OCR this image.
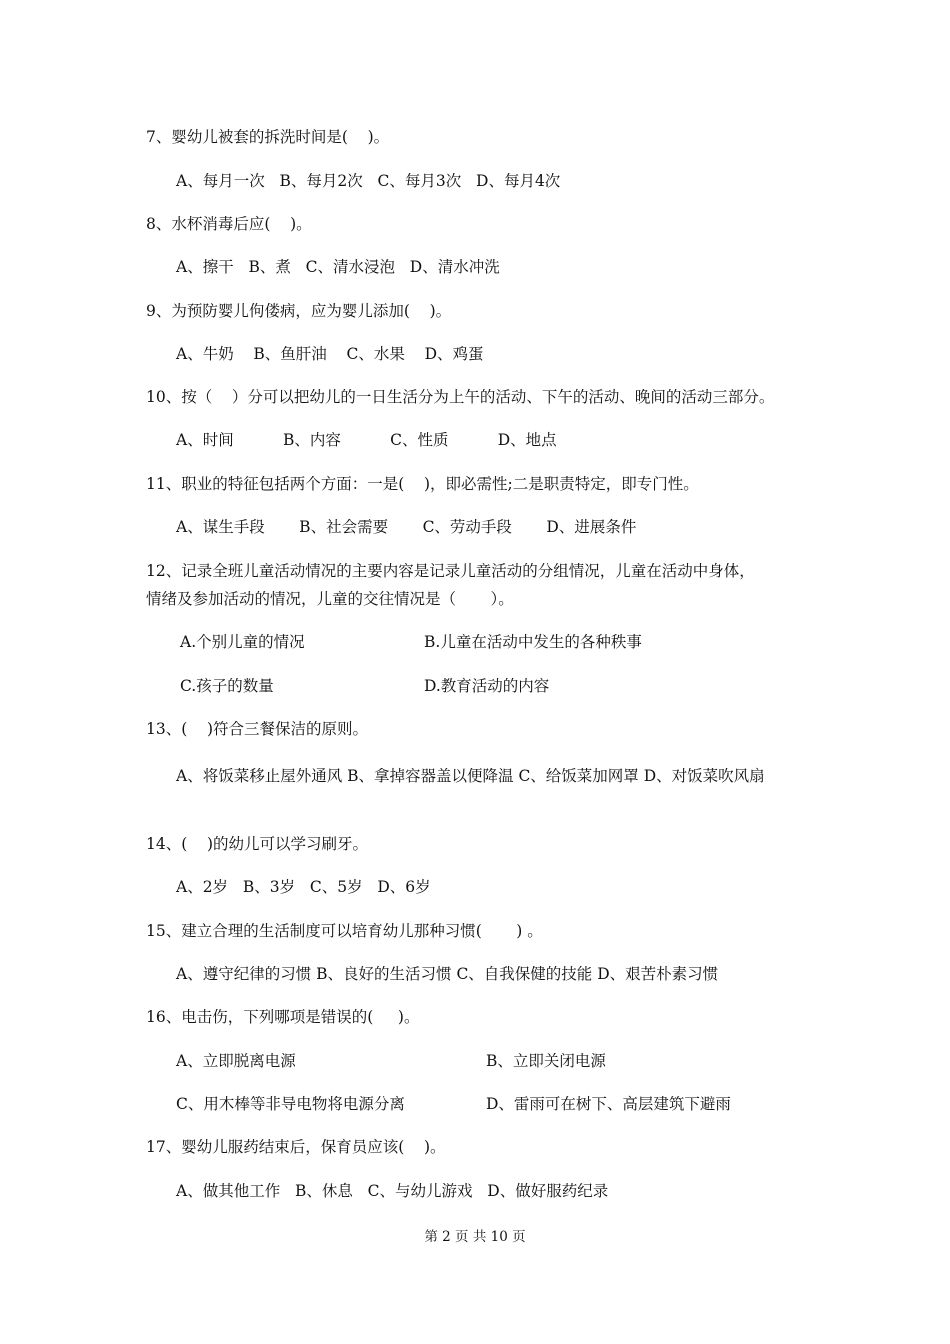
7、婴幼儿被套的拆洗时间是(    )。
A、每月一次   B、每月2次   C、每月3次   D、每月4次
8、水杯消毒后应(    )。
A、擦干   B、煮   C、清水浸泡   D、清水冲洗
9、为预防婴儿佝偻病，应为婴儿添加(    )。
A、牛奶    B、鱼肝油    C、水果    D、鸡蛋
10、按（    ）分可以把幼儿的一日生活分为上午的活动、下午的活动、晚间的活动三部分。
A、时间          B、内容          C、性质          D、地点
11、职业的特征包括两个方面：一是(    )，即必需性;二是职责特定，即专门性。
A、谋生手段       B、社会需要       C、劳动手段       D、进展条件
12、记录全班儿童活动情况的主要内容是记录儿童活动的分组情况，儿童在活动中身体，
情绪及参加活动的情况，儿童的交往情况是（       ）。
A.个别儿童的情况	B.儿童在活动中发生的各种秩事
C.孩子的数量	D.教育活动的内容
13、(    )符合三餐保洁的原则。
A、将饭菜移止屋外通风 B、拿掉容器盖以便降温 C、给饭菜加网罩 D、对饭菜吹风扇
14、(    )的幼儿可以学习刷牙。
A、2岁   B、3岁   C、5岁   D、6岁
15、建立合理的生活制度可以培育幼儿那种习惯(       ) 。
A、遵守纪律的习惯 B、良好的生活习惯 C、自我保健的技能 D、艰苦朴素习惯
16、电击伤，下列哪项是错误的(     )。
A、立即脱离电源	B、立即关闭电源
C、用木棒等非导电物将电源分离	D、雷雨可在树下、高层建筑下避雨
17、婴幼儿服药结束后，保育员应该(    )。
A、做其他工作   B、休息   C、与幼儿游戏   D、做好服药纪录
第 2 页 共 10 页
